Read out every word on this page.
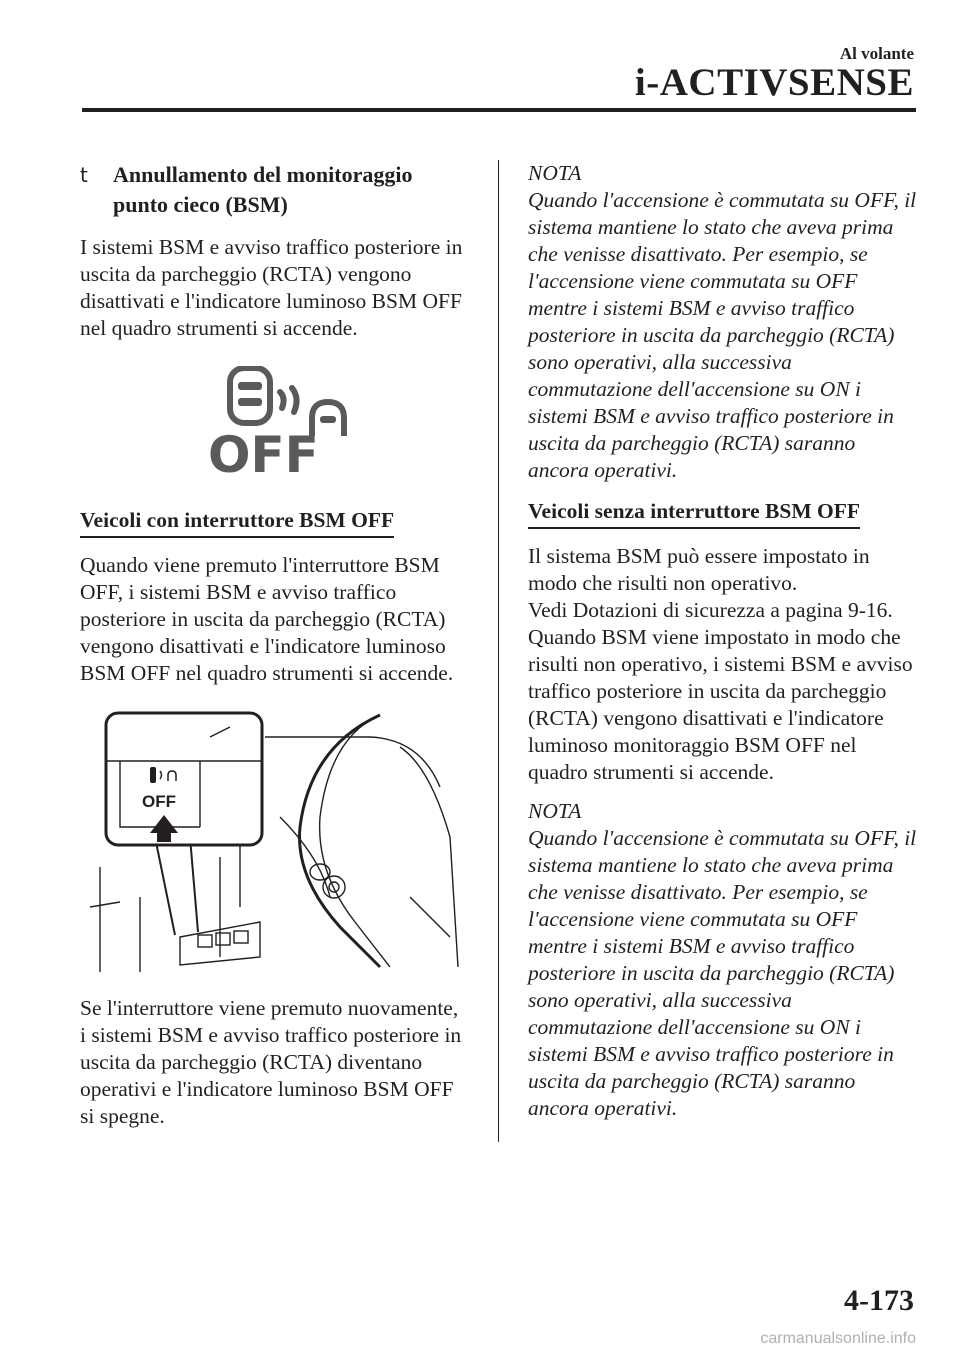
Al volante
i-ACTIVSENSE
t Annullamento del monitoraggio punto cieco (BSM)

I sistemi BSM e avviso traffico posteriore in uscita da parcheggio (RCTA) vengono disattivati e l'indicatore luminoso BSM OFF nel quadro strumenti si accende.

OFF
Veicoli con interruttore BSM OFF

Quando viene premuto l'interruttore BSM OFF, i sistemi BSM e avviso traffico posteriore in uscita da parcheggio (RCTA) vengono disattivati e l'indicatore luminoso BSM OFF nel quadro strumenti si accende.

OFF

Se l'interruttore viene premuto nuovamente, i sistemi BSM e avviso traffico posteriore in uscita da parcheggio (RCTA) diventano operativi e l'indicatore luminoso BSM OFF si spegne.

NOTA
Quando l'accensione è commutata su OFF, il sistema mantiene lo stato che aveva prima che venisse disattivato. Per esempio, se l'accensione viene commutata su OFF mentre i sistemi BSM e avviso traffico posteriore in uscita da parcheggio (RCTA) sono operativi, alla successiva commutazione dell'accensione su ON i sistemi BSM e avviso traffico posteriore in uscita da parcheggio (RCTA) saranno ancora operativi.
Veicoli senza interruttore BSM OFF

Il sistema BSM può essere impostato in modo che risulti non operativo.
Vedi Dotazioni di sicurezza a pagina 9-16.
Quando BSM viene impostato in modo che risulti non operativo, i sistemi BSM e avviso traffico posteriore in uscita da parcheggio (RCTA) vengono disattivati e l'indicatore luminoso monitoraggio BSM OFF nel quadro strumenti si accende.

NOTA
Quando l'accensione è commutata su OFF, il sistema mantiene lo stato che aveva prima che venisse disattivato. Per esempio, se l'accensione viene commutata su OFF mentre i sistemi BSM e avviso traffico posteriore in uscita da parcheggio (RCTA) sono operativi, alla successiva commutazione dell'accensione su ON i sistemi BSM e avviso traffico posteriore in uscita da parcheggio (RCTA) saranno ancora operativi.
4-173
carmanualsonline.info
